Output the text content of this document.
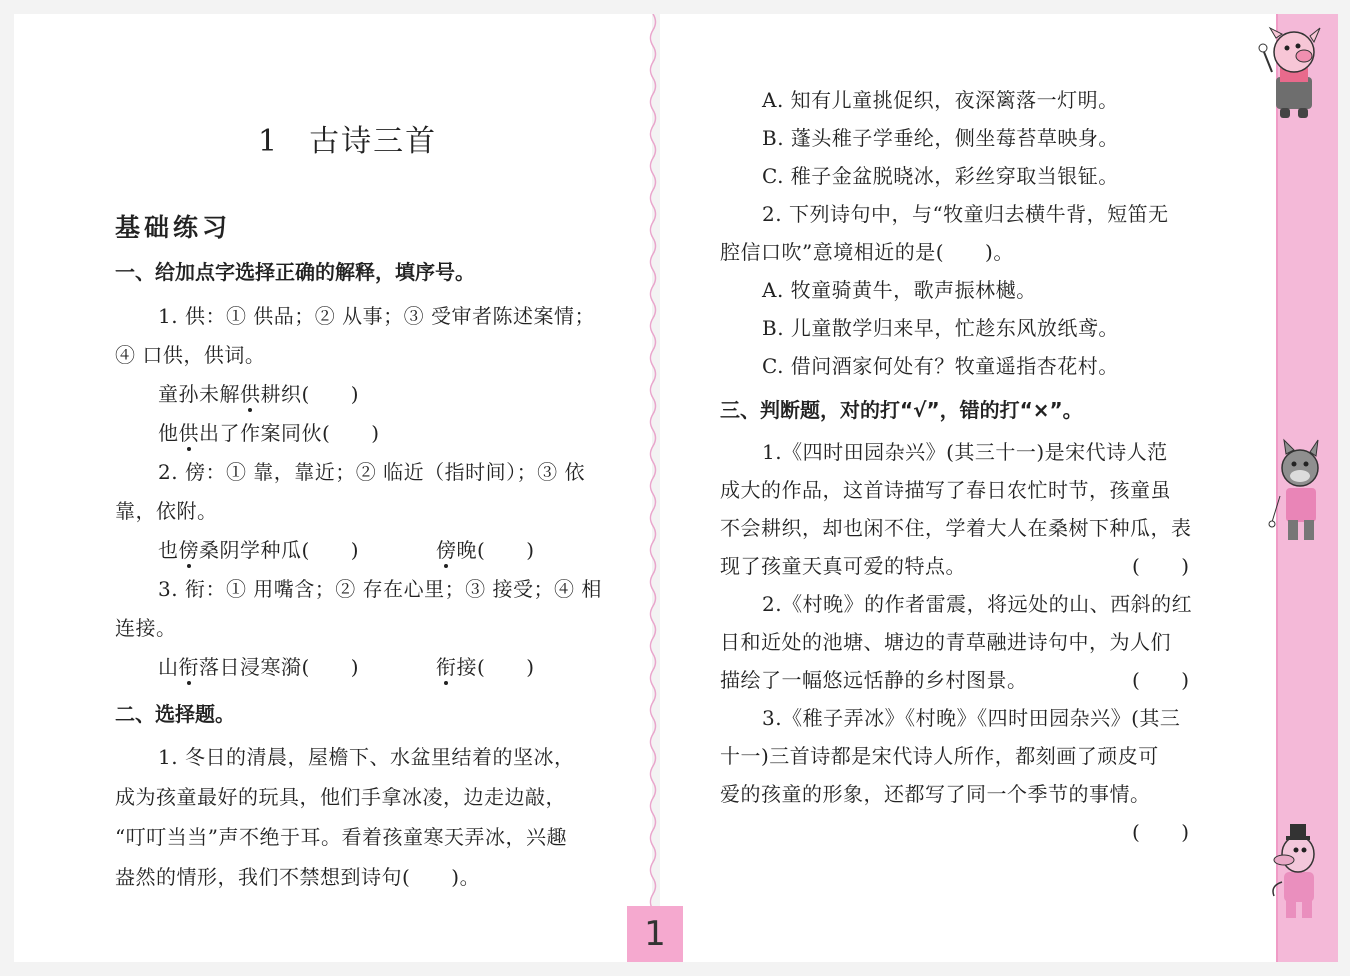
1 古诗三首
基础练习
一、给加点字选择正确的解释，填序号。
1. 供：① 供品；② 从事；③ 受审者陈述案情；
④ 口供，供词。
童孙未解供耕织(　　)
他供出了作案同伙(　　)
2. 傍：① 靠，靠近；② 临近（指时间）；③ 依
靠，依附。
也傍桑阴学种瓜(　　)	傍晚(　　)
3. 衔：① 用嘴含；② 存在心里；③ 接受；④ 相
连接。
山衔落日浸寒漪(　　)	衔接(　　)
二、选择题。
1. 冬日的清晨，屋檐下、水盆里结着的坚冰，
成为孩童最好的玩具，他们手拿冰凌，边走边敲，
“叮叮当当”声不绝于耳。看着孩童寒天弄冰，兴趣
盎然的情形，我们不禁想到诗句(　　)。
A. 知有儿童挑促织，夜深篱落一灯明。
B. 蓬头稚子学垂纶，侧坐莓苔草映身。
C. 稚子金盆脱晓冰，彩丝穿取当银钲。
2. 下列诗句中，与“牧童归去横牛背，短笛无
腔信口吹”意境相近的是(　　)。
A. 牧童骑黄牛，歌声振林樾。
B. 儿童散学归来早，忙趁东风放纸鸢。
C. 借问酒家何处有？牧童遥指杏花村。
三、判断题，对的打“√”，错的打“×”。
1.《四时田园杂兴》(其三十一)是宋代诗人范
成大的作品，这首诗描写了春日农忙时节，孩童虽
不会耕织，却也闲不住，学着大人在桑树下种瓜，表
现了孩童天真可爱的特点。	(　　)
2.《村晚》的作者雷震，将远处的山、西斜的红
日和近处的池塘、塘边的青草融进诗句中，为人们
描绘了一幅悠远恬静的乡村图景。	(　　)
3.《稚子弄冰》《村晚》《四时田园杂兴》(其三
十一)三首诗都是宋代诗人所作，都刻画了顽皮可
爱的孩童的形象，还都写了同一个季节的事情。
(　　)
1
